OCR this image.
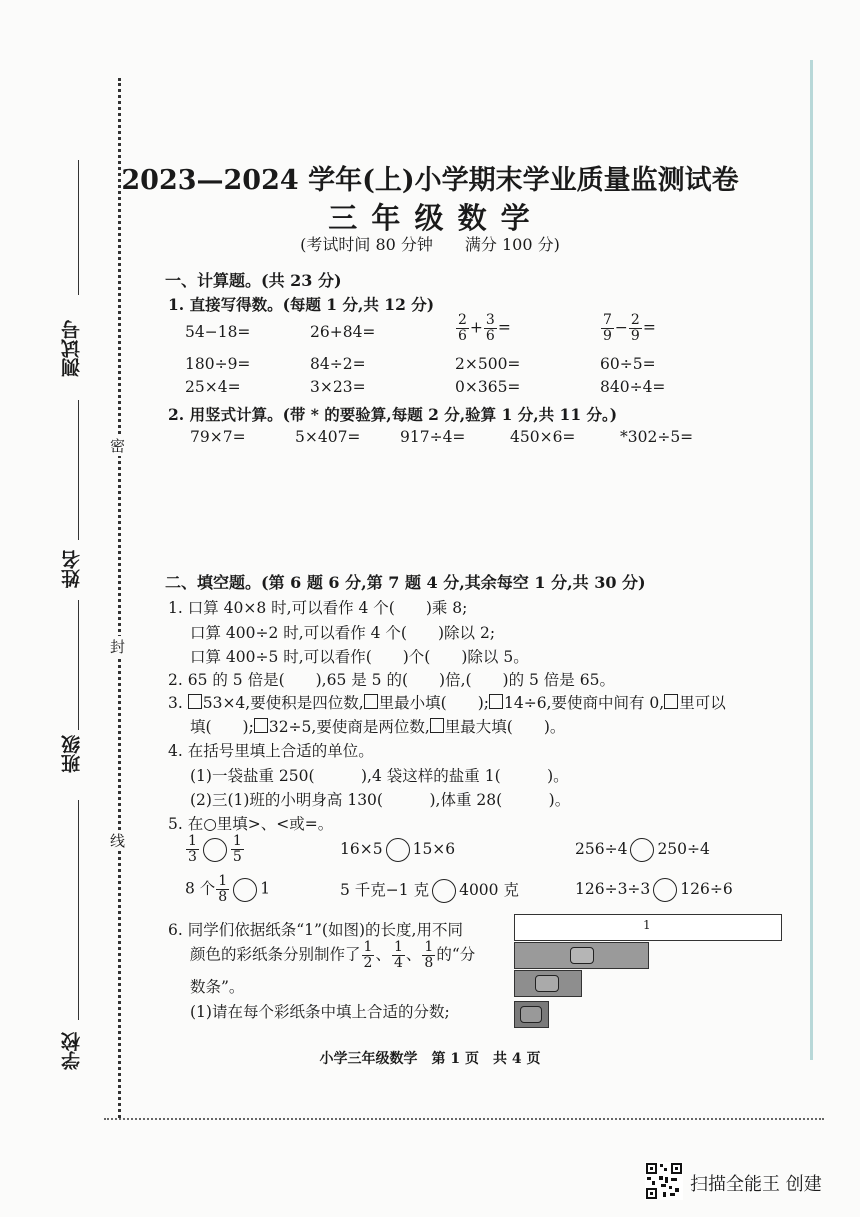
测试号
姓名
班级
学校
密
封
线
2023—2024 学年(上)小学期末学业质量监测试卷
三 年 级 数 学
(考试时间 80 分钟　　满分 100 分)
一、计算题。(共 23 分)
1. 直接写得数。(每题 1 分,共 12 分)
54−18=	26+84=	$\frac{2}{6} + \frac{3}{6}$ =	$\frac{7}{9} - \frac{2}{9}$ =
180÷9=	84÷2=	2×500=	60÷5=
25×4=	3×23=	0×365=	840÷4=
2. 用竖式计算。(带 * 的要验算,每题 2 分,验算 1 分,共 11 分。)
79×7=	5×407=	917÷4=	450×6=	*302÷5=
二、填空题。(第 6 题 6 分,第 7 题 4 分,其余每空 1 分,共 30 分)
1. 口算 40×8 时,可以看作 4 个(　　)乘 8;
口算 400÷2 时,可以看作 4 个(　　)除以 2;
口算 400÷5 时,可以看作(　　)个(　　)除以 5。
2. 65 的 5 倍是(　　),65 是 5 的(　　)倍,(　　)的 5 倍是 65。
3. 53×4,要使积是四位数, 里最小填(　　); 14÷6,要使商中间有 0, 里可以
填(　　); 32÷5,要使商是两位数, 里最大填(　　)。
4. 在括号里填上合适的单位。
(1)一袋盐重 250(　　　),4 袋这样的盐重 1(　　　)。
(2)三(1)班的小明身高 130(　　　),体重 28(　　　)。
5. 在○里填>、<或=。
$\frac{1}{3} \frac{1}{5}$	16×5 15×6	256÷4 250÷4
8 个 $\frac{1}{8} 1$	5 千克−1 克 4000 克	126÷3÷3 126÷6
6. 同学们依据纸条“1”(如图)的长度,用不同
颜色的彩纸条分别制作了 $\frac{1}{2}$ 、 $\frac{1}{4}$ 、 $\frac{1}{8}$ 的“分
数条”。
(1)请在每个彩纸条中填上合适的分数;
1
小学三年级数学　第 1 页　共 4 页
扫描全能王 创建
